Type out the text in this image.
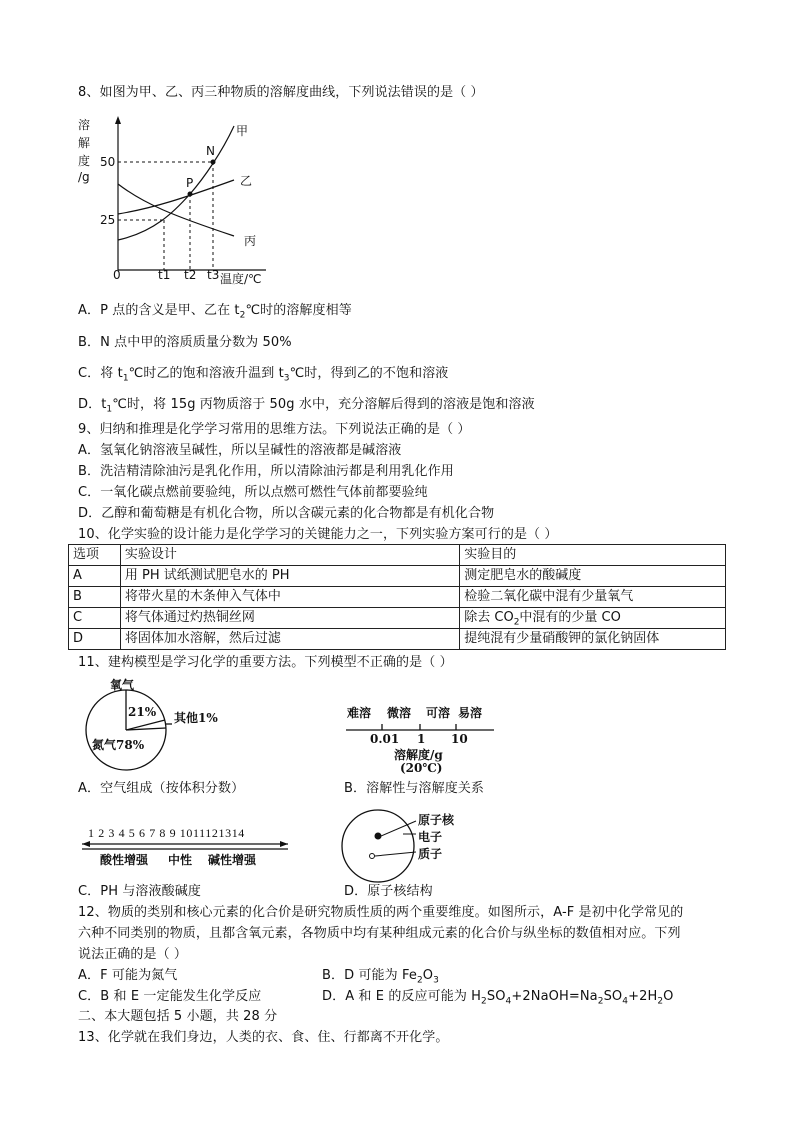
8、如图为甲、乙、丙三种物质的溶解度曲线，下列说法错误的是（ ）
溶
解
度
/g
50
25
0	t1 t2 t3 温度/℃
甲
乙
丙
N
P
A．P 点的含义是甲、乙在 $t_2℃$时的溶解度相等
B．N 点中甲的溶质质量分数为 50%
C．将 $t_1℃$时乙的饱和溶液升温到 $t_3℃$时，得到乙的不饱和溶液
D．$t_1℃$时，将 15g 丙物质溶于 50g 水中，充分溶解后得到的溶液是饱和溶液
9、归纳和推理是化学学习常用的思维方法。下列说法正确的是（ ）
A．氢氧化钠溶液呈碱性，所以呈碱性的溶液都是碱溶液
B．洗洁精清除油污是乳化作用，所以清除油污都是利用乳化作用
C．一氧化碳点燃前要验纯，所以点燃可燃性气体前都要验纯
D．乙醇和葡萄糖是有机化合物，所以含碳元素的化合物都是有机化合物
10、化学实验的设计能力是化学学习的关键能力之一，下列实验方案可行的是（ ）
选项	实验设计	实验目的
A	用 PH 试纸测试肥皂水的 PH	测定肥皂水的酸碱度
B	将带火星的木条伸入气体中	检验二氧化碳中混有少量氧气
C	将气体通过灼热铜丝网	除去 $CO_2$中混有的少量 CO
D	将固体加水溶解，然后过滤	提纯混有少量硝酸钾的氯化钠固体
11、建构模型是学习化学的重要方法。下列模型不正确的是（ ）
氧气
21% 其他1%
氮气78%
难溶 微溶 可溶 易溶
0.01 1 10
溶解度/g
(20℃)
A．空气组成（按体积分数）	B．溶解性与溶解度关系
1 2 3 4 5 6 7 8 9 1011121314
酸性增强 中性 碱性增强
原子核
电子
质子
C．PH 与溶液酸碱度	D．原子核结构
12、物质的类别和核心元素的化合价是研究物质性质的两个重要维度。如图所示，A-F 是初中化学常见的
六种不同类别的物质，且都含氧元素，各物质中均有某种组成元素的化合价与纵坐标的数值相对应。下列
说法正确的是（ ）
A．F 可能为氮气	B．D 可能为 $Fe_2O_3$
C．B 和 E 一定能发生化学反应	D．A 和 E 的反应可能为 $H_2SO_4+2NaOH=Na_2SO_4+2H_2O$
二、本大题包括 5 小题，共 28 分
13、化学就在我们身边，人类的衣、食、住、行都离不开化学。
